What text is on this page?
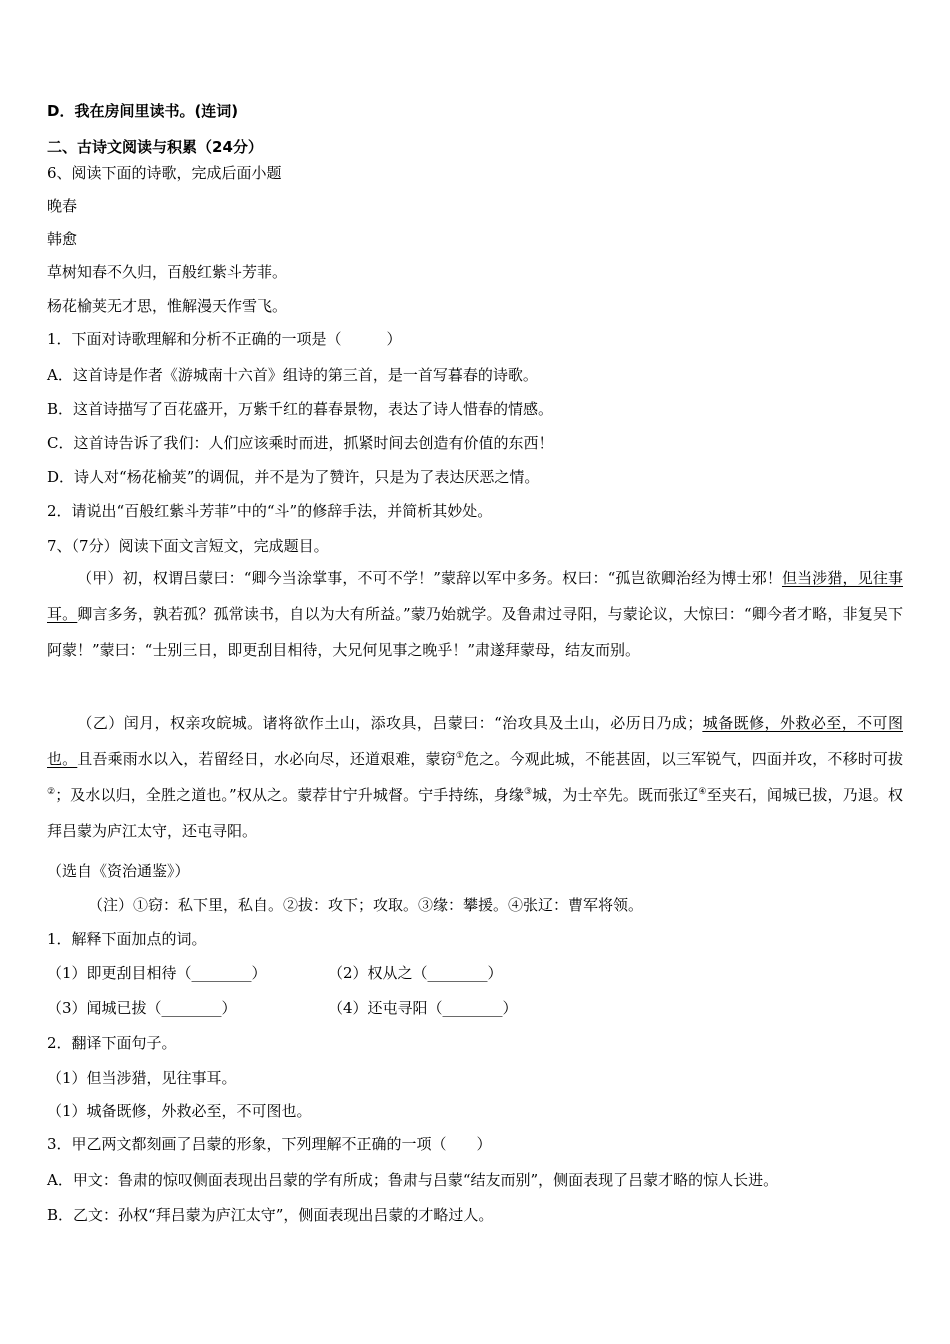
D．我在房间里读书。(连词)
二、古诗文阅读与积累（24分）
6、阅读下面的诗歌，完成后面小题
晚春
韩愈
草树知春不久归，百般红紫斗芳菲。
杨花榆荚无才思，惟解漫天作雪飞。
1．下面对诗歌理解和分析不正确的一项是（　　　）
A．这首诗是作者《游城南十六首》组诗的第三首，是一首写暮春的诗歌。
B．这首诗描写了百花盛开，万紫千红的暮春景物，表达了诗人惜春的情感。
C．这首诗告诉了我们：人们应该乘时而进，抓紧时间去创造有价值的东西！
D．诗人对“杨花榆荚”的调侃，并不是为了赞许，只是为了表达厌恶之情。
2．请说出“百般红紫斗芳菲”中的“斗”的修辞手法，并简析其妙处。
7、（7分）阅读下面文言短文，完成题目。
（甲）初，权谓吕蒙曰：“卿今当涂掌事，不可不学！”蒙辞以军中多务。权曰：“孤岂欲卿治经为博士邪！但当涉猎，见往事耳。卿言多务，孰若孤？孤常读书，自以为大有所益。”蒙乃始就学。及鲁肃过寻阳，与蒙论议，大惊曰：“卿今者才略，非复吴下阿蒙！”蒙曰：“士别三日，即更刮目相待，大兄何见事之晚乎！”肃遂拜蒙母，结友而别。
（乙）闰月，权亲攻皖城。诸将欲作土山，添攻具，吕蒙曰：“治攻具及土山，必历日乃成；城备既修，外救必至，不可图也。且吾乘雨水以入，若留经日，水必向尽，还道艰难，蒙窃①危之。今观此城，不能甚固，以三军锐气，四面并攻，不移时可拔②；及水以归，全胜之道也。”权从之。蒙荐甘宁升城督。宁手持练，身缘③城，为士卒先。既而张辽④至夹石，闻城已拔，乃退。权拜吕蒙为庐江太守，还屯寻阳。
（选自《资治通鉴》）
（注）①窃：私下里，私自。②拔：攻下；攻取。③缘：攀援。④张辽：曹军将领。
1．解释下面加点的词。
（1）即更刮目相待（________）	（2）权从之（________）
（3）闻城已拔（________）	（4）还屯寻阳（________）
2．翻译下面句子。
（1）但当涉猎，见往事耳。
（1）城备既修，外救必至，不可图也。
3．甲乙两文都刻画了吕蒙的形象，下列理解不正确的一项（　　）
A．甲文：鲁肃的惊叹侧面表现出吕蒙的学有所成；鲁肃与吕蒙“结友而别”，侧面表现了吕蒙才略的惊人长进。
B．乙文：孙权“拜吕蒙为庐江太守”，侧面表现出吕蒙的才略过人。
